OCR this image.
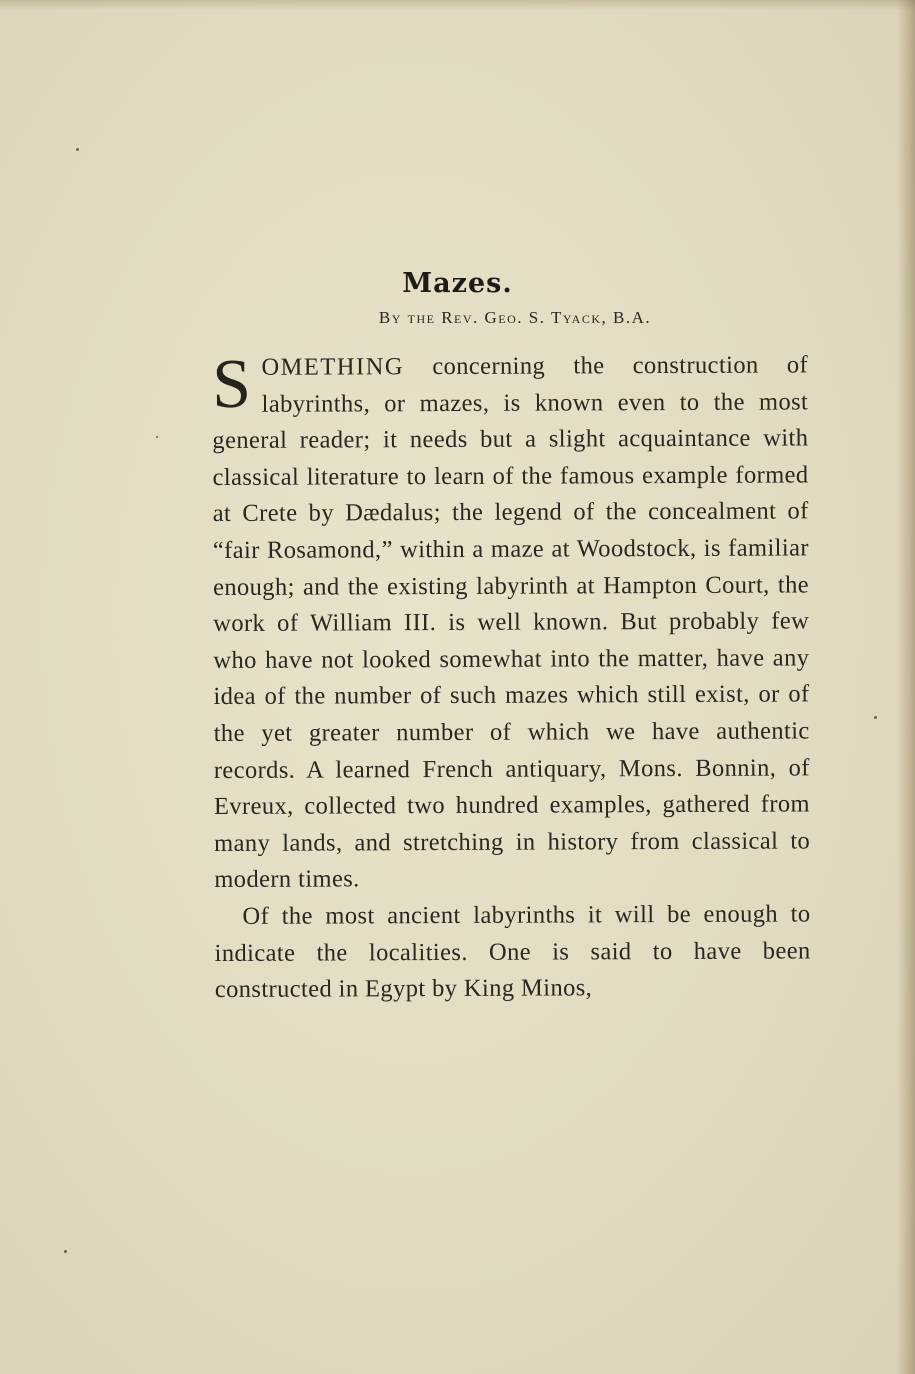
Mazes.
By the Rev. Geo. S. Tyack, B.A.

SOMETHING concerning the construction of labyrinths, or mazes, is known even to the most general reader; it needs but a slight acquaintance with classical literature to learn of the famous example formed at Crete by Dædalus; the legend of the concealment of “fair Rosamond,” within a maze at Woodstock, is familiar enough; and the existing labyrinth at Hampton Court, the work of William III. is well known. But probably few who have not looked somewhat into the matter, have any idea of the number of such mazes which still exist, or of the yet greater number of which we have authentic records. A learned French antiquary, Mons. Bonnin, of Evreux, collected two hundred examples, gathered from many lands, and stretching in history from classical to modern times.

Of the most ancient labyrinths it will be enough to indicate the localities. One is said to have been constructed in Egypt by King Minos,
